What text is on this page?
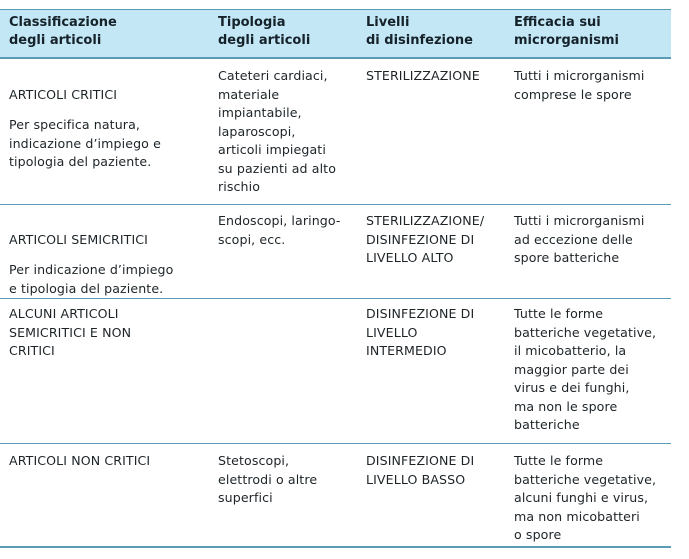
Classificazione
degli articoli
Tipologia
degli articoli
Livelli
di disinfezione
Efficacia sui
microrganismi

ARTICOLI CRITICI

Per specifica natura,
indicazione d’impiego e
tipologia del paziente.

Cateteri cardiaci,
materiale
impiantabile,
laparoscopi,
articoli impiegati
su pazienti ad alto
rischio
STERILIZZAZIONE	Tutti i microrganismi
comprese le spore

ARTICOLI SEMICRITICI

Per indicazione d’impiego
e tipologia del paziente.

Endoscopi, laringo-
scopi, ecc.
STERILIZZAZIONE/
DISINFEZIONE DI
LIVELLO ALTO
Tutti i microrganismi
ad eccezione delle
spore batteriche
ALCUNI ARTICOLI
SEMICRITICI E NON
CRITICI
DISINFEZIONE DI
LIVELLO
INTERMEDIO
Tutte le forme
batteriche vegetative,
il micobatterio, la
maggior parte dei
virus e dei funghi,
ma non le spore
batteriche
ARTICOLI NON CRITICI	Stetoscopi,
elettrodi o altre
superfici
DISINFEZIONE DI
LIVELLO BASSO
Tutte le forme
batteriche vegetative,
alcuni funghi e virus,
ma non micobatteri
o spore
